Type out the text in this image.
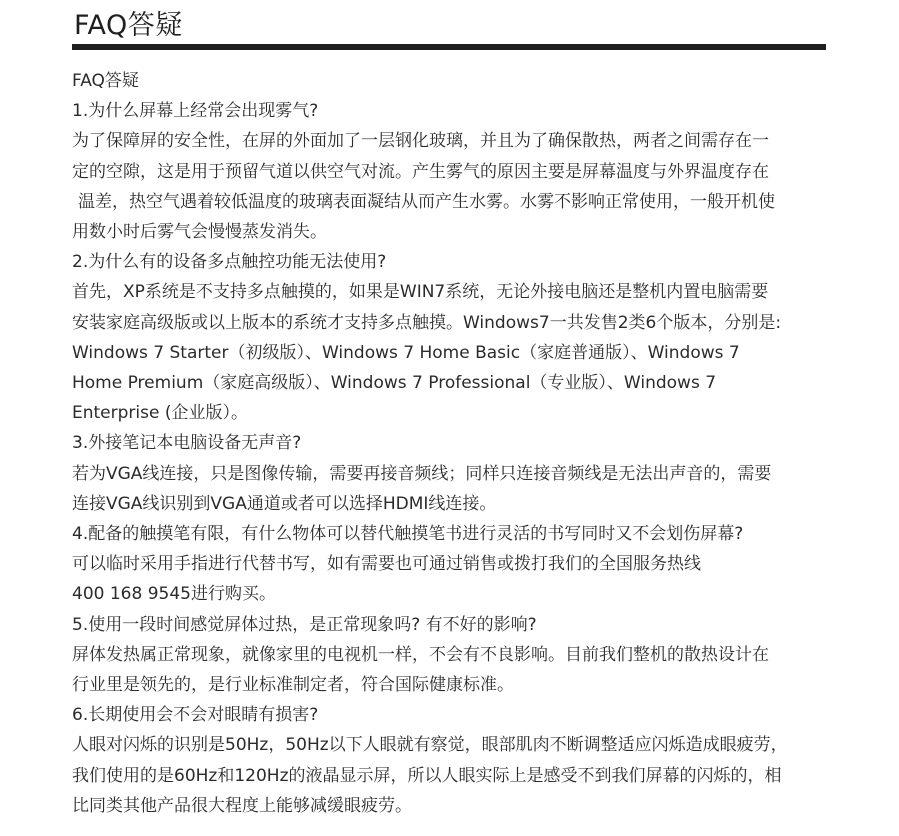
FAQ答疑
FAQ答疑
1.为什么屏幕上经常会出现雾气?
为了保障屏的安全性，在屏的外面加了一层钢化玻璃，并且为了确保散热，两者之间需存在一
定的空隙，这是用于预留气道以供空气对流。产生雾气的原因主要是屏幕温度与外界温度存在
温差，热空气遇着较低温度的玻璃表面凝结从而产生水雾。水雾不影响正常使用，一般开机使
用数小时后雾气会慢慢蒸发消失。
2.为什么有的设备多点触控功能无法使用?
首先，XP系统是不支持多点触摸的，如果是WIN7系统，无论外接电脑还是整机内置电脑需要
安装家庭高级版或以上版本的系统才支持多点触摸。Windows7一共发售2类6个版本，分别是:
Windows 7 Starter（初级版）、Windows 7 Home Basic（家庭普通版）、Windows 7
Home Premium（家庭高级版）、Windows 7 Professional（专业版）、Windows 7
Enterprise (企业版）。
3.外接笔记本电脑设备无声音?
若为VGA线连接，只是图像传输，需要再接音频线；同样只连接音频线是无法出声音的，需要
连接VGA线识别到VGA通道或者可以选择HDMI线连接。
4.配备的触摸笔有限，有什么物体可以替代触摸笔书进行灵活的书写同时又不会划伤屏幕?
可以临时采用手指进行代替书写，如有需要也可通过销售或拨打我们的全国服务热线
400 168 9545进行购买。
5.使用一段时间感觉屏体过热，是正常现象吗? 有不好的影响?
屏体发热属正常现象，就像家里的电视机一样，不会有不良影响。目前我们整机的散热设计在
行业里是领先的，是行业标准制定者，符合国际健康标准。
6.长期使用会不会对眼睛有损害?
人眼对闪烁的识别是50Hz，50Hz以下人眼就有察觉，眼部肌肉不断调整适应闪烁造成眼疲劳，
我们使用的是60Hz和120Hz的液晶显示屏，所以人眼实际上是感受不到我们屏幕的闪烁的，相
比同类其他产品很大程度上能够减缓眼疲劳。
